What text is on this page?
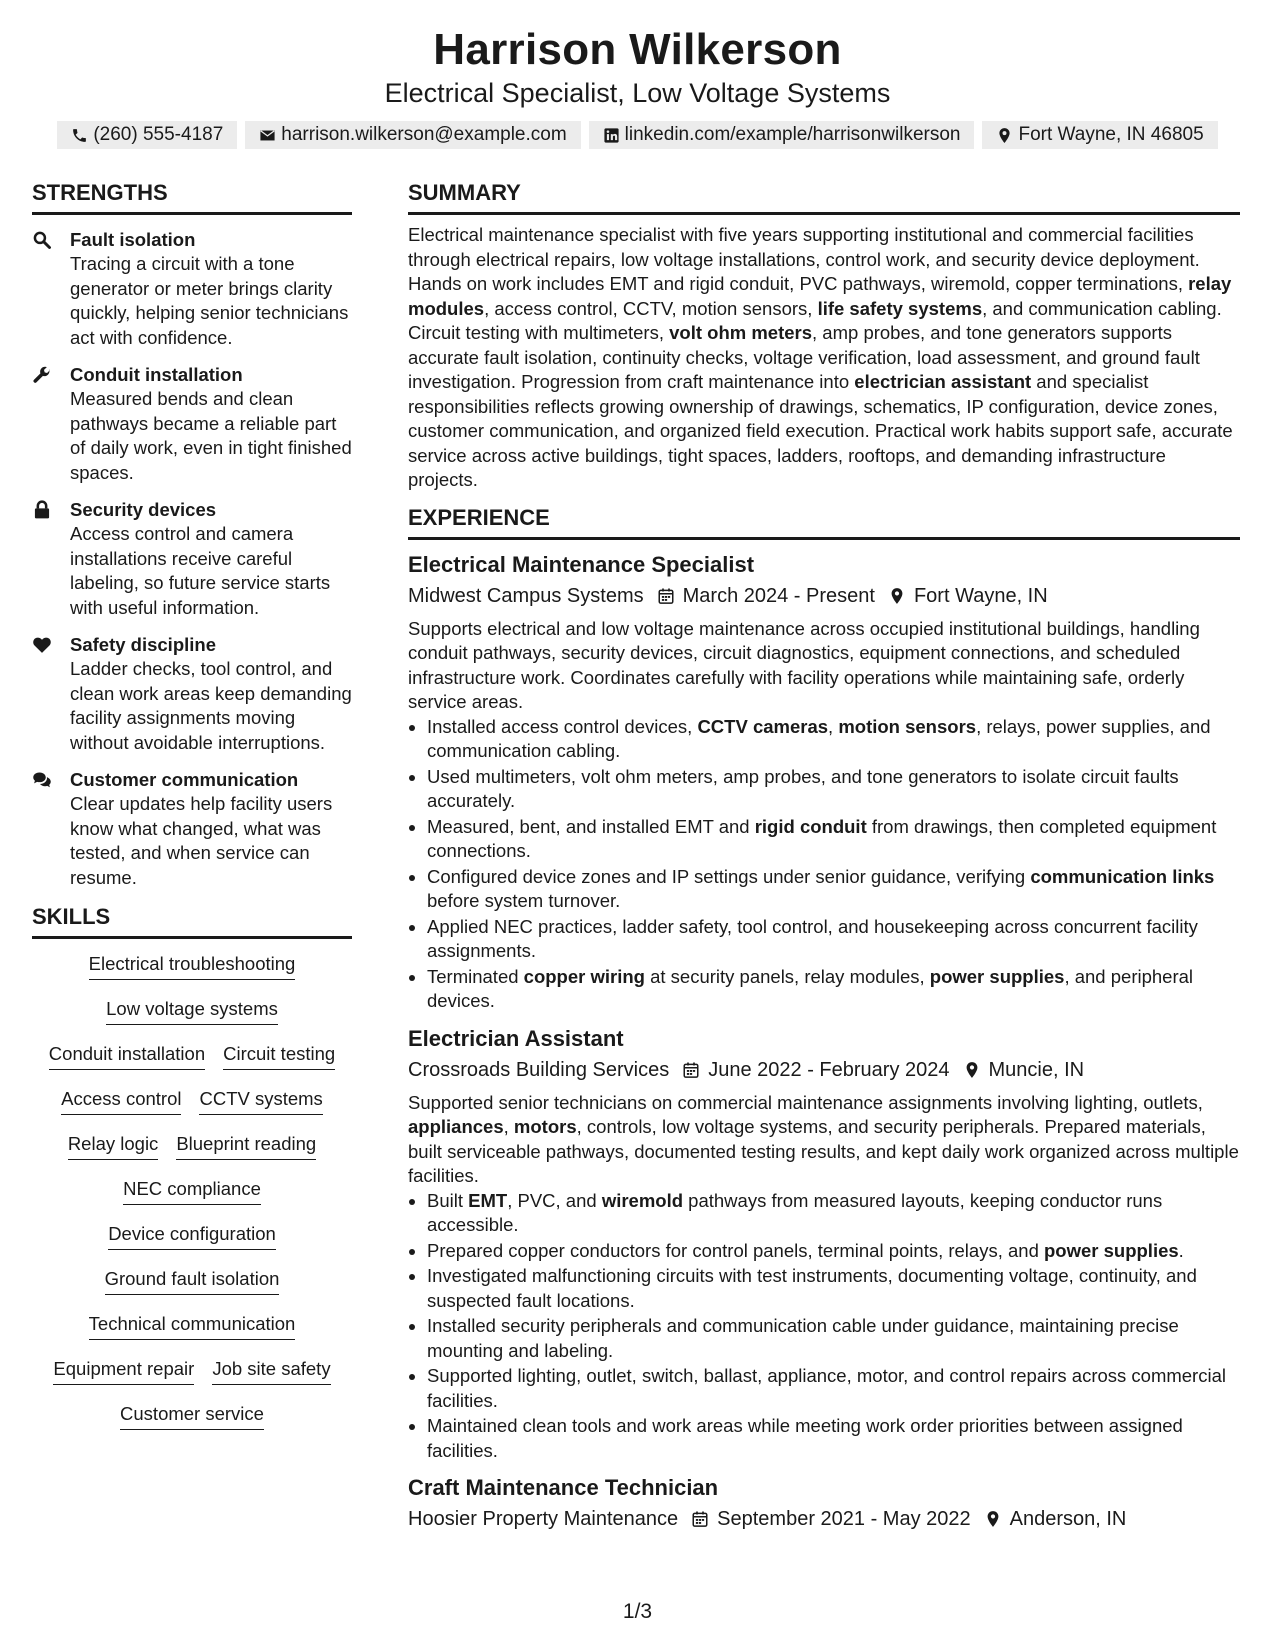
Harrison Wilkerson
Electrical Specialist, Low Voltage Systems
(260) 555-4187	harrison.wilkerson@example.com	linkedin.com/example/harrisonwilkerson	Fort Wayne, IN 46805
STRENGTHS
Fault isolation
Tracing a circuit with a tone generator or meter brings clarity quickly, helping senior technicians act with confidence.
Conduit installation
Measured bends and clean pathways became a reliable part of daily work, even in tight finished spaces.
Security devices
Access control and camera installations receive careful labeling, so future service starts with useful information.
Safety discipline
Ladder checks, tool control, and clean work areas keep demanding facility assignments moving without avoidable interruptions.
Customer communication
Clear updates help facility users know what changed, what was tested, and when service can resume.
SKILLS
Electrical troubleshooting
Low voltage systems
Conduit installation Circuit testing
Access control CCTV systems
Relay logic Blueprint reading
NEC compliance
Device configuration
Ground fault isolation
Technical communication
Equipment repair Job site safety
Customer service
SUMMARY

Electrical maintenance specialist with five years supporting institutional and commercial facilities through electrical repairs, low voltage installations, control work, and security device deployment. Hands on work includes EMT and rigid conduit, PVC pathways, wiremold, copper terminations, relay modules, access control, CCTV, motion sensors, life safety systems, and communication cabling. Circuit testing with multimeters, volt ohm meters, amp probes, and tone generators supports accurate fault isolation, continuity checks, voltage verification, load assessment, and ground fault investigation. Progression from craft maintenance into electrician assistant and specialist responsibilities reflects growing ownership of drawings, schematics, IP configuration, device zones, customer communication, and organized field execution. Practical work habits support safe, accurate service across active buildings, tight spaces, ladders, rooftops, and demanding infrastructure projects.

EXPERIENCE
Electrical Maintenance Specialist
Midwest Campus Systems March 2024 - Present Fort Wayne, IN

Supports electrical and low voltage maintenance across occupied institutional buildings, handling conduit pathways, security devices, circuit diagnostics, equipment connections, and scheduled infrastructure work. Coordinates carefully with facility operations while maintaining safe, orderly service areas.

Installed access control devices, CCTV cameras, motion sensors, relays, power supplies, and communication cabling.
Used multimeters, volt ohm meters, amp probes, and tone generators to isolate circuit faults accurately.
Measured, bent, and installed EMT and rigid conduit from drawings, then completed equipment connections.
Configured device zones and IP settings under senior guidance, verifying communication links before system turnover.
Applied NEC practices, ladder safety, tool control, and housekeeping across concurrent facility assignments.
Terminated copper wiring at security panels, relay modules, power supplies, and peripheral devices.
Electrician Assistant
Crossroads Building Services June 2022 - February 2024 Muncie, IN

Supported senior technicians on commercial maintenance assignments involving lighting, outlets, appliances, motors, controls, low voltage systems, and security peripherals. Prepared materials, built serviceable pathways, documented testing results, and kept daily work organized across multiple facilities.

Built EMT, PVC, and wiremold pathways from measured layouts, keeping conductor runs accessible.
Prepared copper conductors for control panels, terminal points, relays, and power supplies.
Investigated malfunctioning circuits with test instruments, documenting voltage, continuity, and suspected fault locations.
Installed security peripherals and communication cable under guidance, maintaining precise mounting and labeling.
Supported lighting, outlet, switch, ballast, appliance, motor, and control repairs across commercial facilities.
Maintained clean tools and work areas while meeting work order priorities between assigned facilities.
Craft Maintenance Technician
Hoosier Property Maintenance September 2021 - May 2022 Anderson, IN
1/3
